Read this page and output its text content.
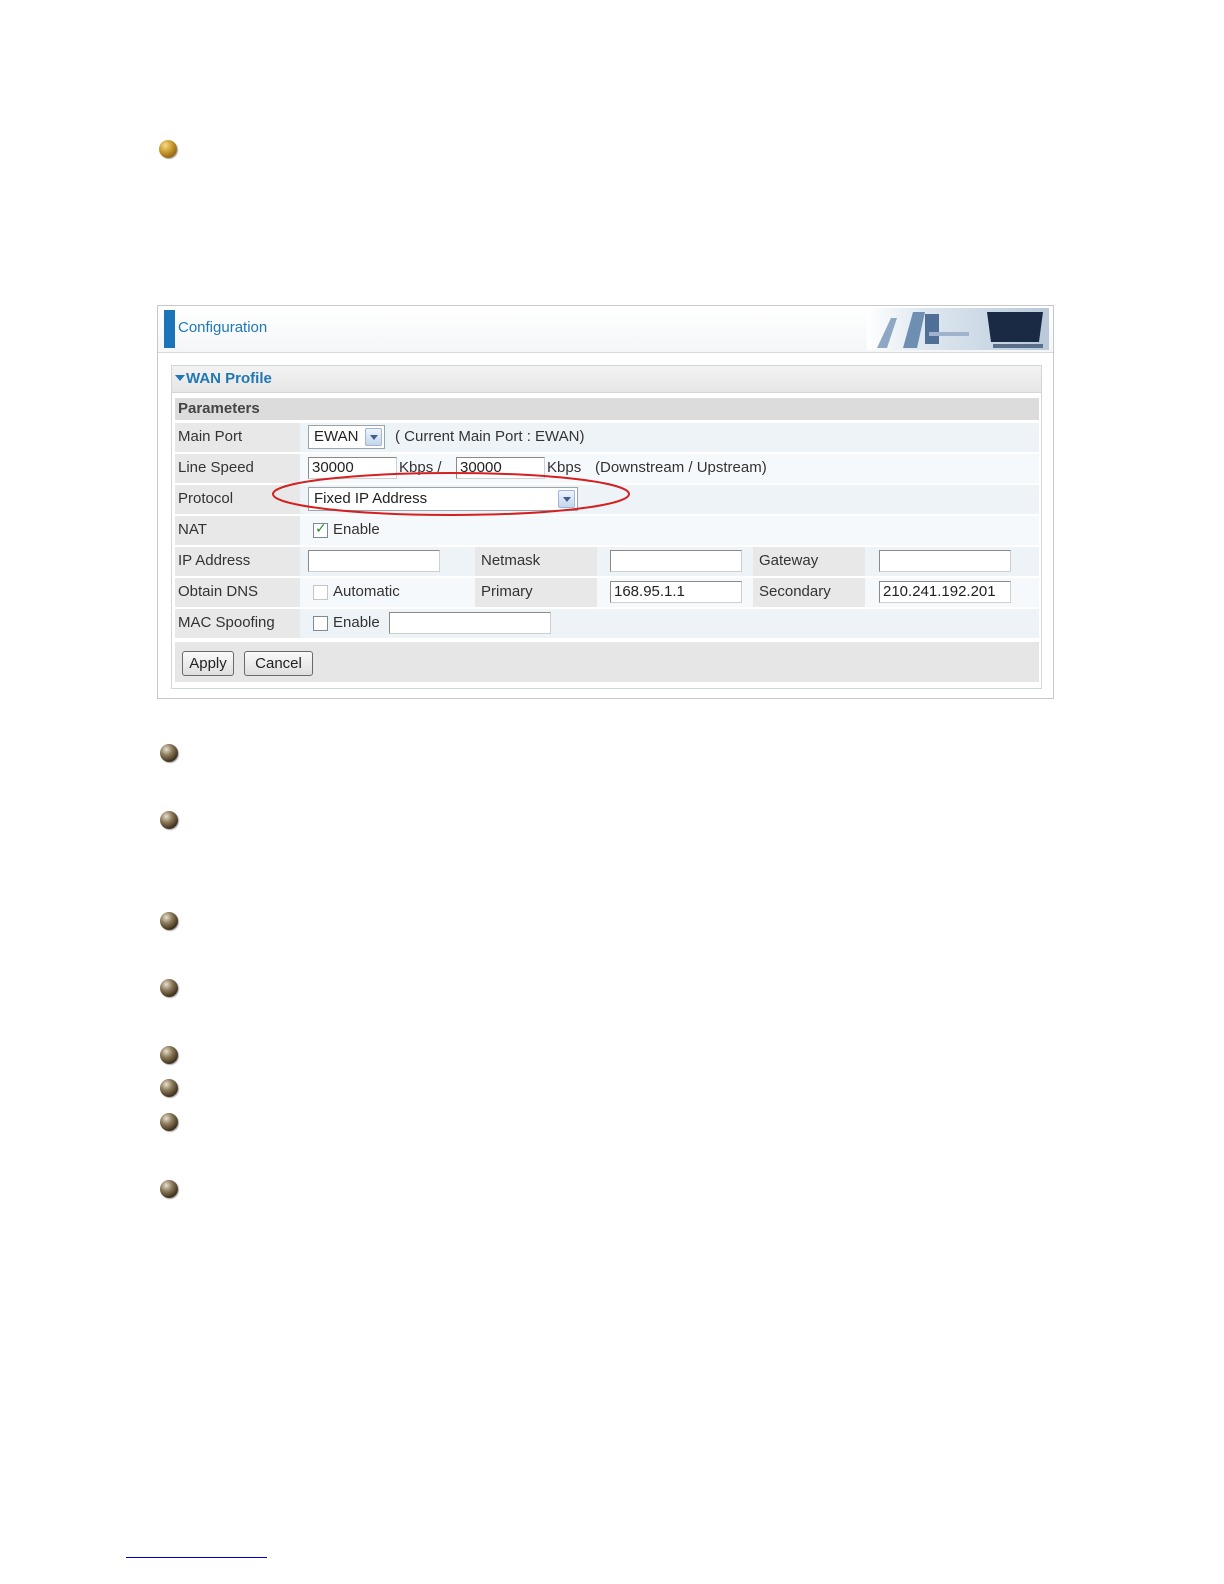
Configuration
WAN Profile
Parameters
Main Port	EWAN ( Current Main Port : EWAN)
Line Speed	30000	Kbps / 30000	Kbps (Downstream / Upstream)
Protocol	Fixed IP Address
NAT
✓	Enable
IP Address	Netmask	Gateway
Obtain DNS	Automatic	Primary	168.95.1.1	Secondary	210.241.192.201
MAC Spoofing	Enable
Apply	Cancel
